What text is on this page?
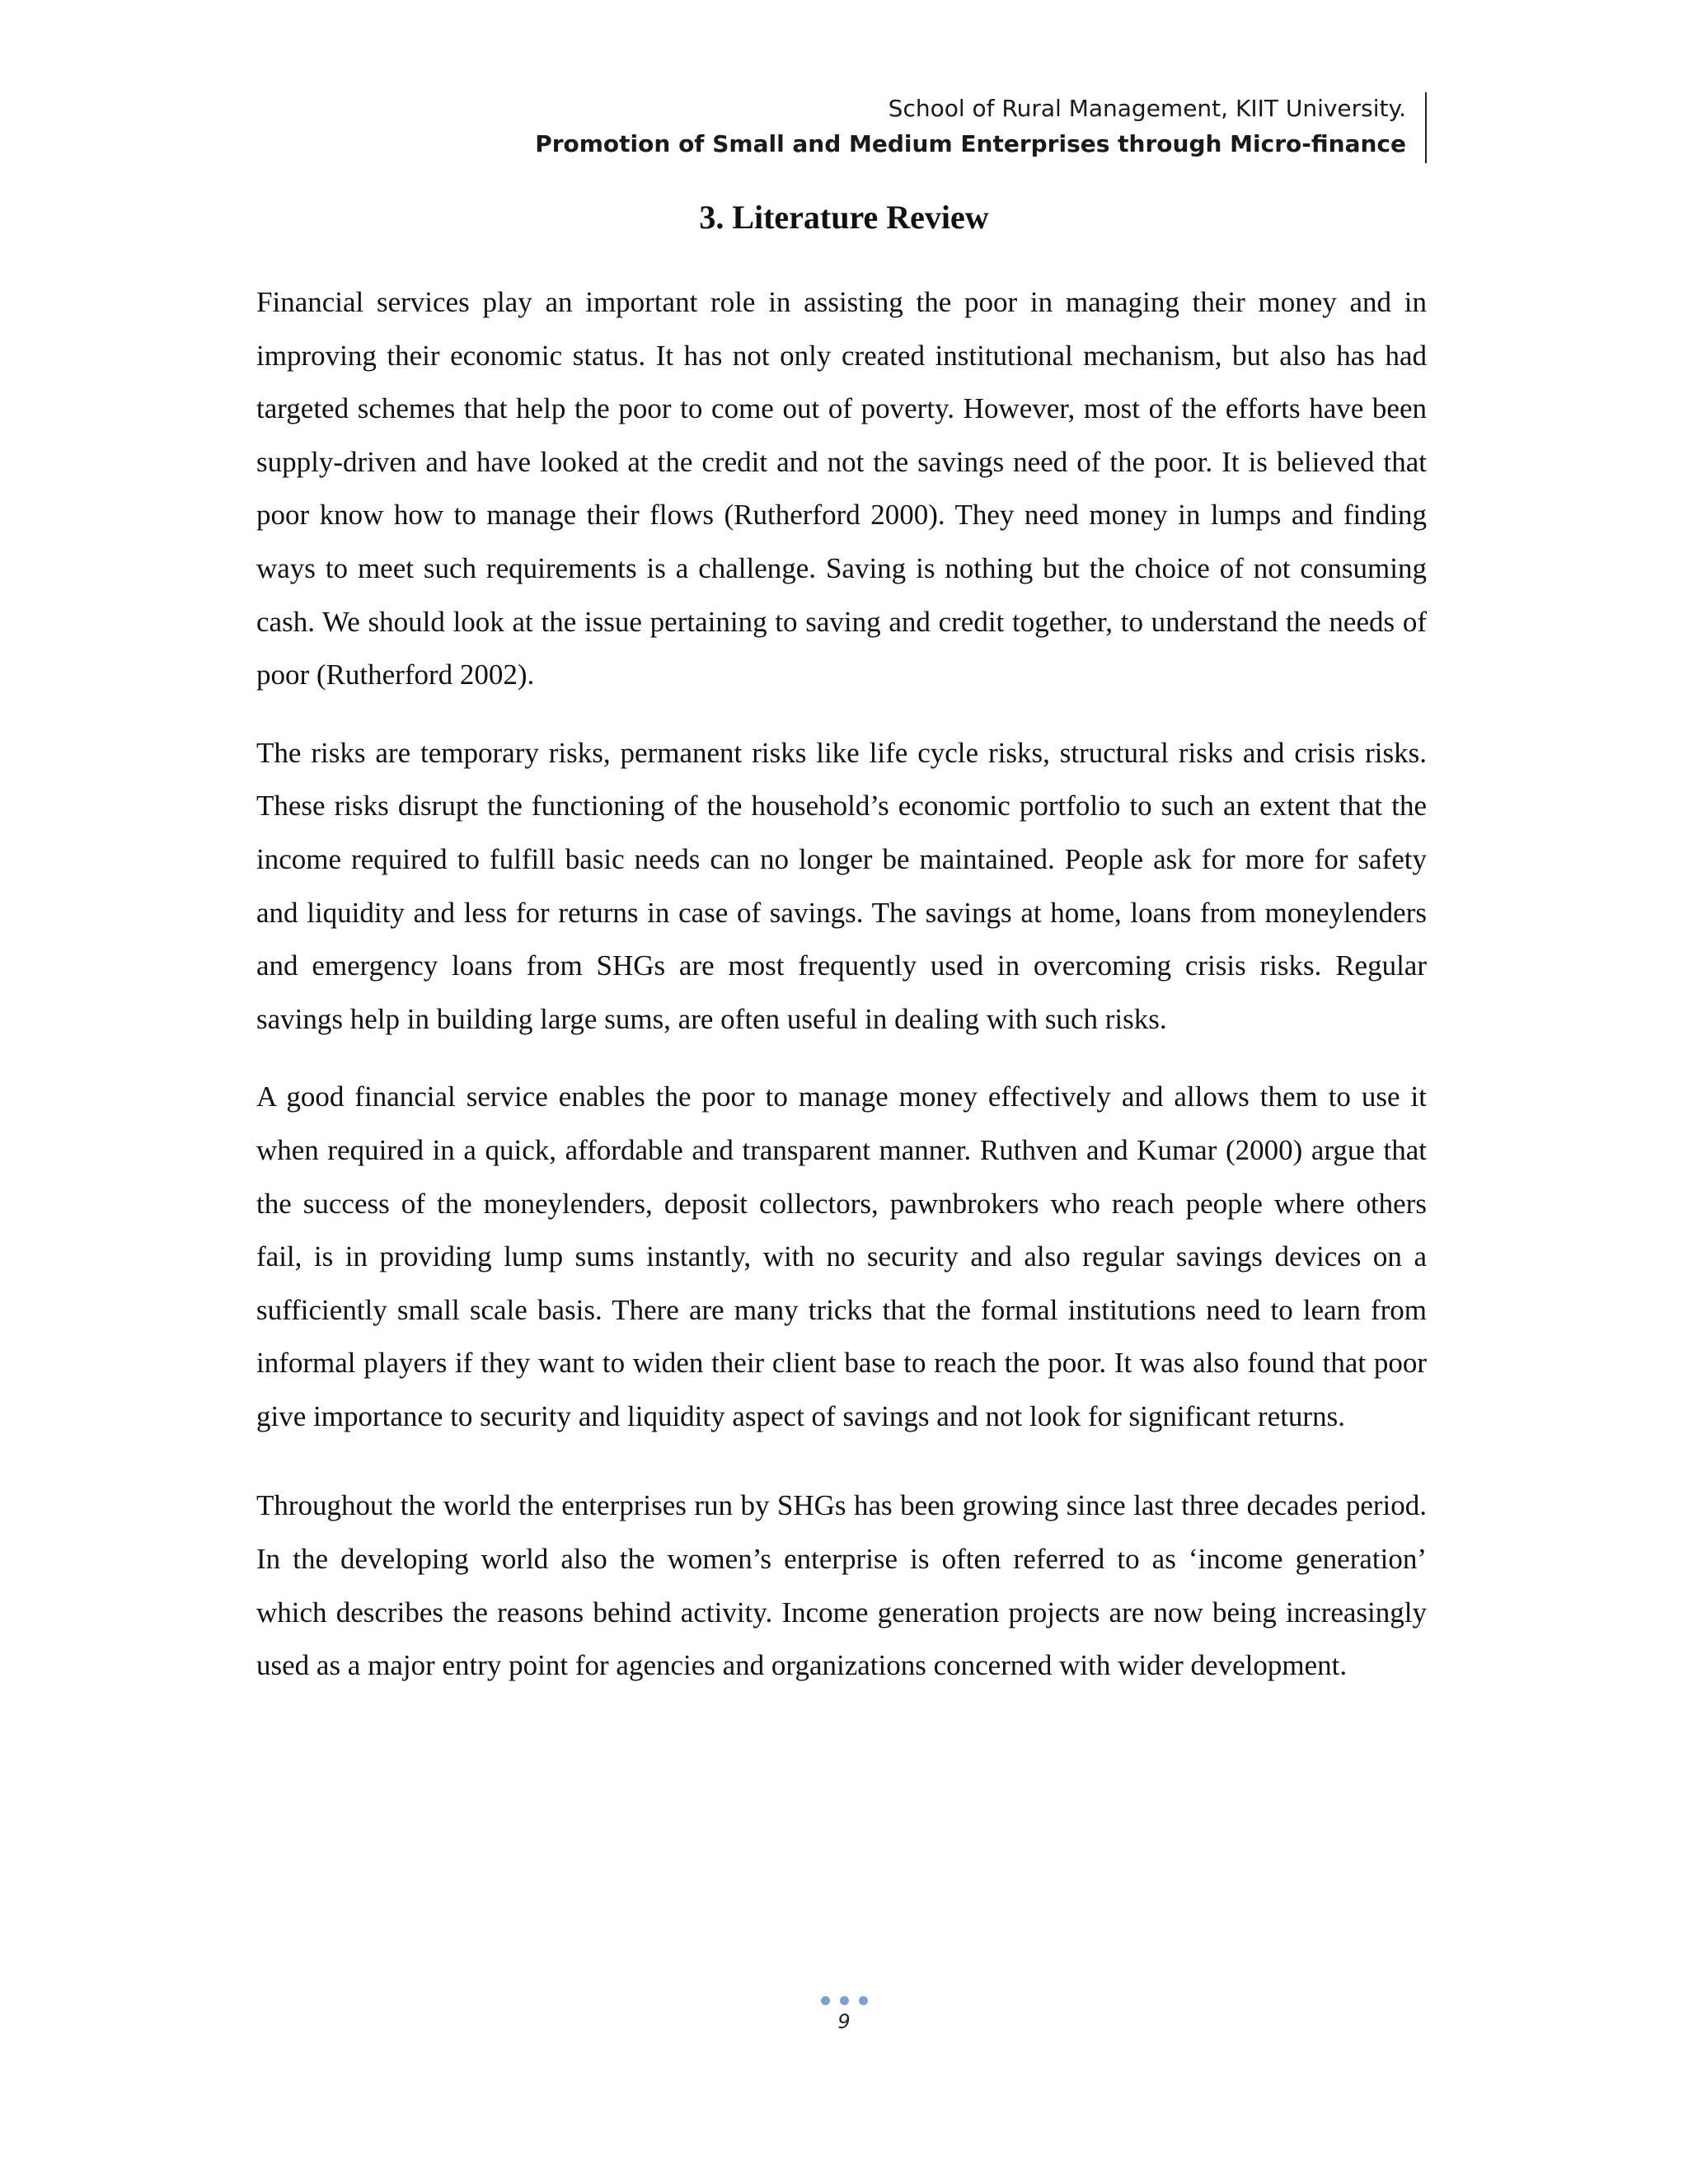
School of Rural Management, KIIT University.
Promotion of Small and Medium Enterprises through Micro-finance
3. Literature Review

Financial services play an important role in assisting the poor in managing their money and in improving their economic status. It has not only created institutional mechanism, but also has had targeted schemes that help the poor to come out of poverty. However, most of the efforts have been supply-driven and have looked at the credit and not the savings need of the poor. It is believed that poor know how to manage their flows (Rutherford 2000). They need money in lumps and finding ways to meet such requirements is a challenge. Saving is nothing but the choice of not consuming cash. We should look at the issue pertaining to saving and credit together, to understand the needs of poor (Rutherford 2002).

The risks are temporary risks, permanent risks like life cycle risks, structural risks and crisis risks. These risks disrupt the functioning of the household’s economic portfolio to such an extent that the income required to fulfill basic needs can no longer be maintained. People ask for more for safety and liquidity and less for returns in case of savings. The savings at home, loans from moneylenders and emergency loans from SHGs are most frequently used in overcoming crisis risks. Regular savings help in building large sums, are often useful in dealing with such risks.

A good financial service enables the poor to manage money effectively and allows them to use it when required in a quick, affordable and transparent manner. Ruthven and Kumar (2000) argue that the success of the moneylenders, deposit collectors, pawnbrokers who reach people where others fail, is in providing lump sums instantly, with no security and also regular savings devices on a sufficiently small scale basis. There are many tricks that the formal institutions need to learn from informal players if they want to widen their client base to reach the poor. It was also found that poor give importance to security and liquidity aspect of savings and not look for significant returns.

Throughout the world the enterprises run by SHGs has been growing since last three decades period. In the developing world also the women’s enterprise is often referred to as ‘income generation’ which describes the reasons behind activity. Income generation projects are now being increasingly used as a major entry point for agencies and organizations concerned with wider development.

9
